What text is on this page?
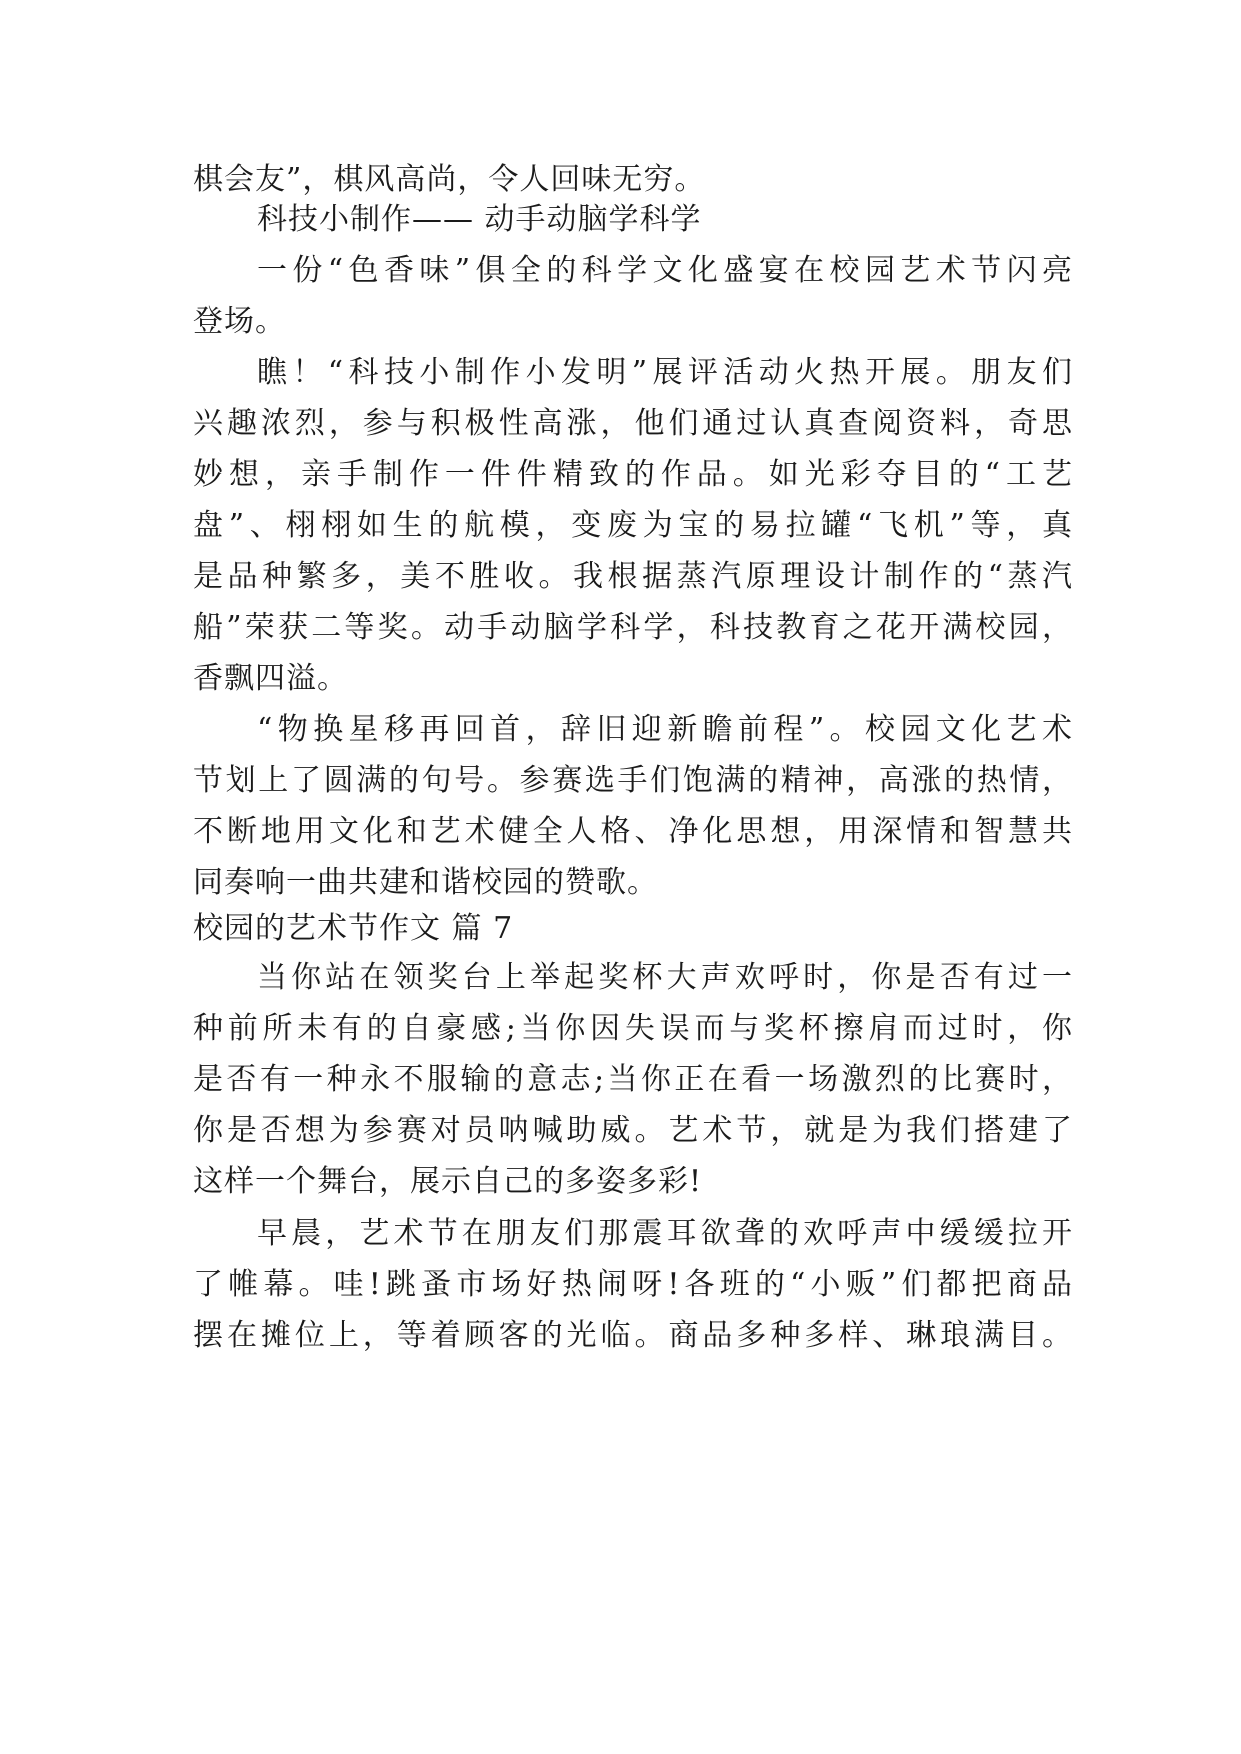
棋会友”，棋风高尚，令人回味无穷。
科技小制作—— 动手动脑学科学
一份“色香味”俱全的科学文化盛宴在校园艺术节闪亮
登场。
瞧！“科技小制作小发明”展评活动火热开展。朋友们
兴趣浓烈，参与积极性高涨，他们通过认真查阅资料，奇思
妙想，亲手制作一件件精致的作品。如光彩夺目的“工艺
盘”、栩栩如生的航模，变废为宝的易拉罐“飞机”等，真
是品种繁多，美不胜收。我根据蒸汽原理设计制作的“蒸汽
船”荣获二等奖。动手动脑学科学，科技教育之花开满校园，
香飘四溢。
“物换星移再回首，辞旧迎新瞻前程”。校园文化艺术
节划上了圆满的句号。参赛选手们饱满的精神，高涨的热情，
不断地用文化和艺术健全人格、净化思想，用深情和智慧共
同奏响一曲共建和谐校园的赞歌。
校园的艺术节作文 篇 7
当你站在领奖台上举起奖杯大声欢呼时，你是否有过一
种前所未有的自豪感;当你因失误而与奖杯擦肩而过时，你
是否有一种永不服输的意志;当你正在看一场激烈的比赛时，
你是否想为参赛对员呐喊助威。艺术节，就是为我们搭建了
这样一个舞台，展示自己的多姿多彩!
早晨，艺术节在朋友们那震耳欲聋的欢呼声中缓缓拉开
了帷幕。哇!跳蚤市场好热闹呀!各班的“小贩”们都把商品
摆在摊位上，等着顾客的光临。商品多种多样、琳琅满目。
